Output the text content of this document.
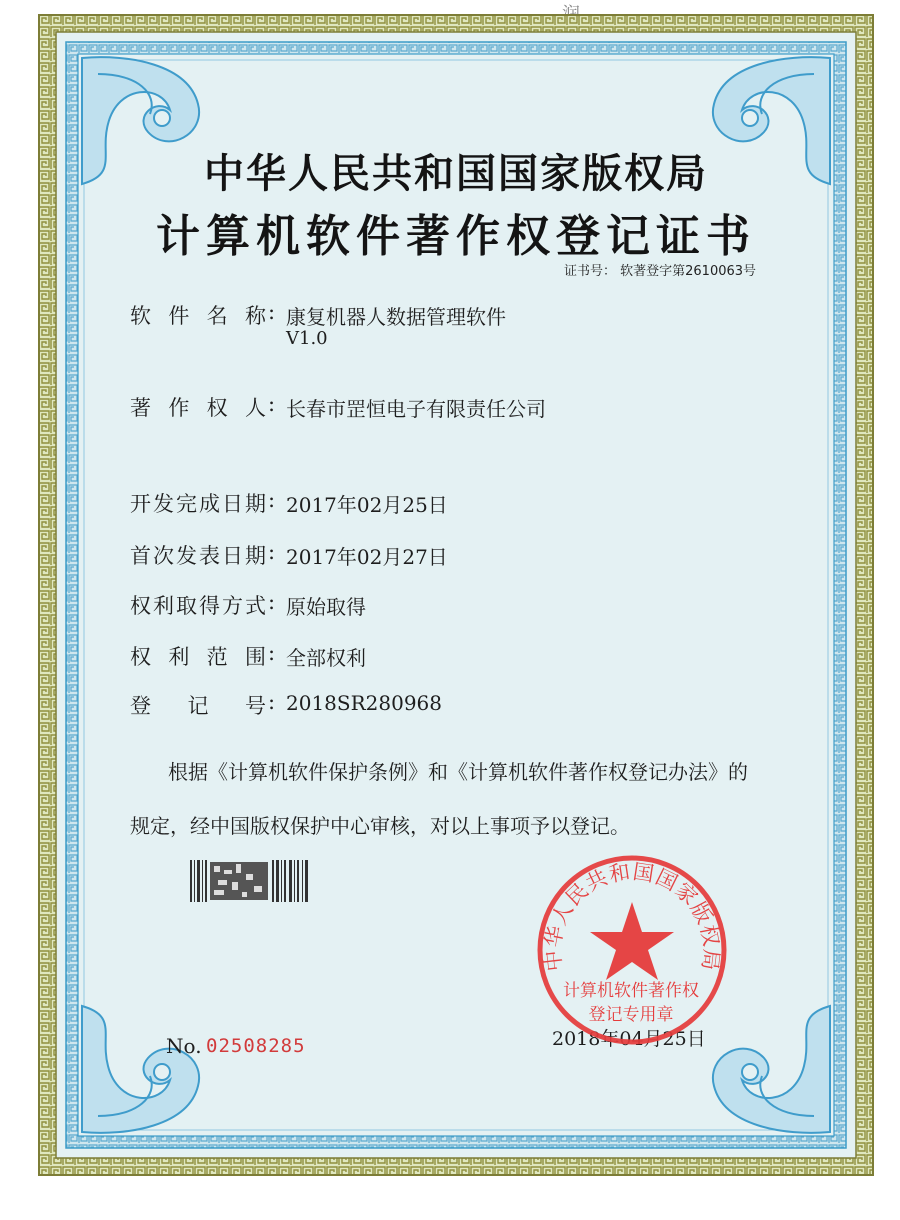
中华人民共和国国家版权局
计算机软件著作权登记证书
证书号： 软著登字第2610063号
软件名称 : 康复机器人数据管理软件
V1.0
著作权人 : 长春市罡恒电子有限责任公司
开发完成日期 : 2017年02月25日
首次发表日期 : 2017年02月27日
权利取得方式 : 原始取得
权利范围 : 全部权利
登记号 : 2018SR280968
根据《计算机软件保护条例》和《计算机软件著作权登记办法》的
规定，经中国版权保护中心审核，对以上事项予以登记。
No. 02508285	2018年04月25日
中华人民共和国国家版权局
计算机软件著作权
登记专用章
